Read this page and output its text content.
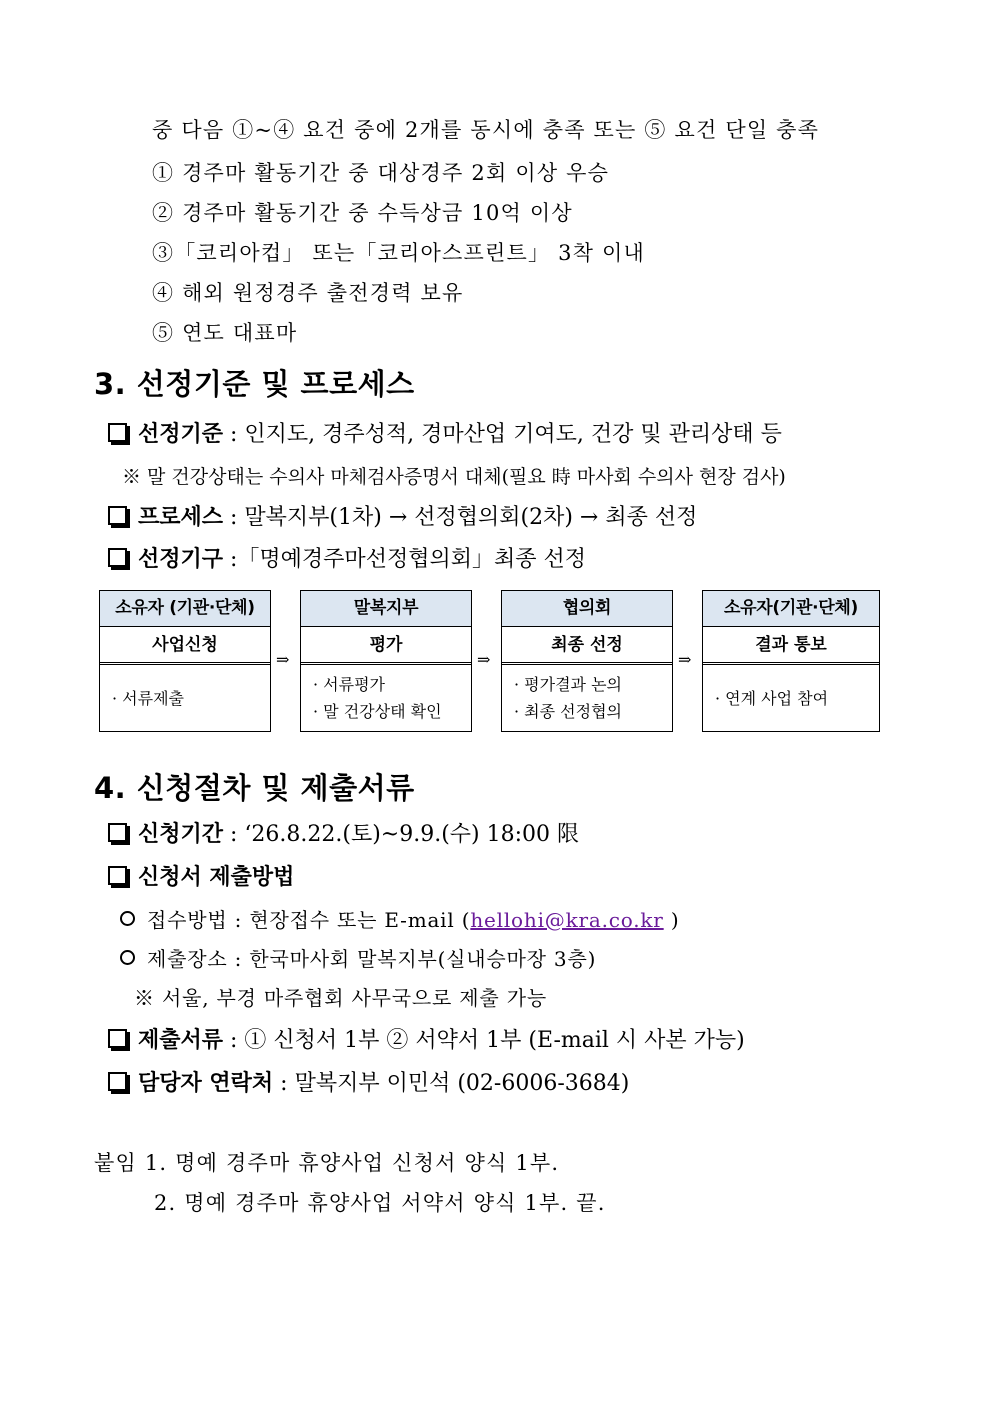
중 다음 ①~④ 요건 중에 2개를 동시에 충족 또는 ⑤ 요건 단일 충족
① 경주마 활동기간 중 대상경주 2회 이상 우승
② 경주마 활동기간 중 수득상금 10억 이상
③「코리아컵」 또는「코리아스프린트」 3착 이내
④ 해외 원정경주 출전경력 보유
⑤ 연도 대표마
3. 선정기준 및 프로세스
선정기준 : 인지도, 경주성적, 경마산업 기여도, 건강 및 관리상태 등
※ 말 건강상태는 수의사 마체검사증명서 대체(필요 時 마사회 수의사 현장 검사)
프로세스 : 말복지부(1차) → 선정협의회(2차) → 최종 선정
선정기구 :「명예경주마선정협의회」최종 선정
소유자 (기관·단체)
사업신청
· 서류제출
⇒
말복지부
평가
· 서류평가
· 말 건강상태 확인
⇒
협의회
최종 선정
· 평가결과 논의
· 최종 선정협의
⇒
소유자(기관·단체)
결과 통보
· 연계 사업 참여
4. 신청절차 및 제출서류
신청기간 : ‘26.8.22.(토)~9.9.(수) 18:00 限
신청서 제출방법
접수방법 : 현장접수 또는 E-mail (hellohi@kra.co.kr )
제출장소 : 한국마사회 말복지부(실내승마장 3층)
※ 서울, 부경 마주협회 사무국으로 제출 가능
제출서류 : ① 신청서 1부 ② 서약서 1부 (E-mail 시 사본 가능)
담당자 연락처 : 말복지부 이민석 (02-6006-3684)
붙임 1. 명예 경주마 휴양사업 신청서 양식 1부.
2. 명예 경주마 휴양사업 서약서 양식 1부. 끝.
